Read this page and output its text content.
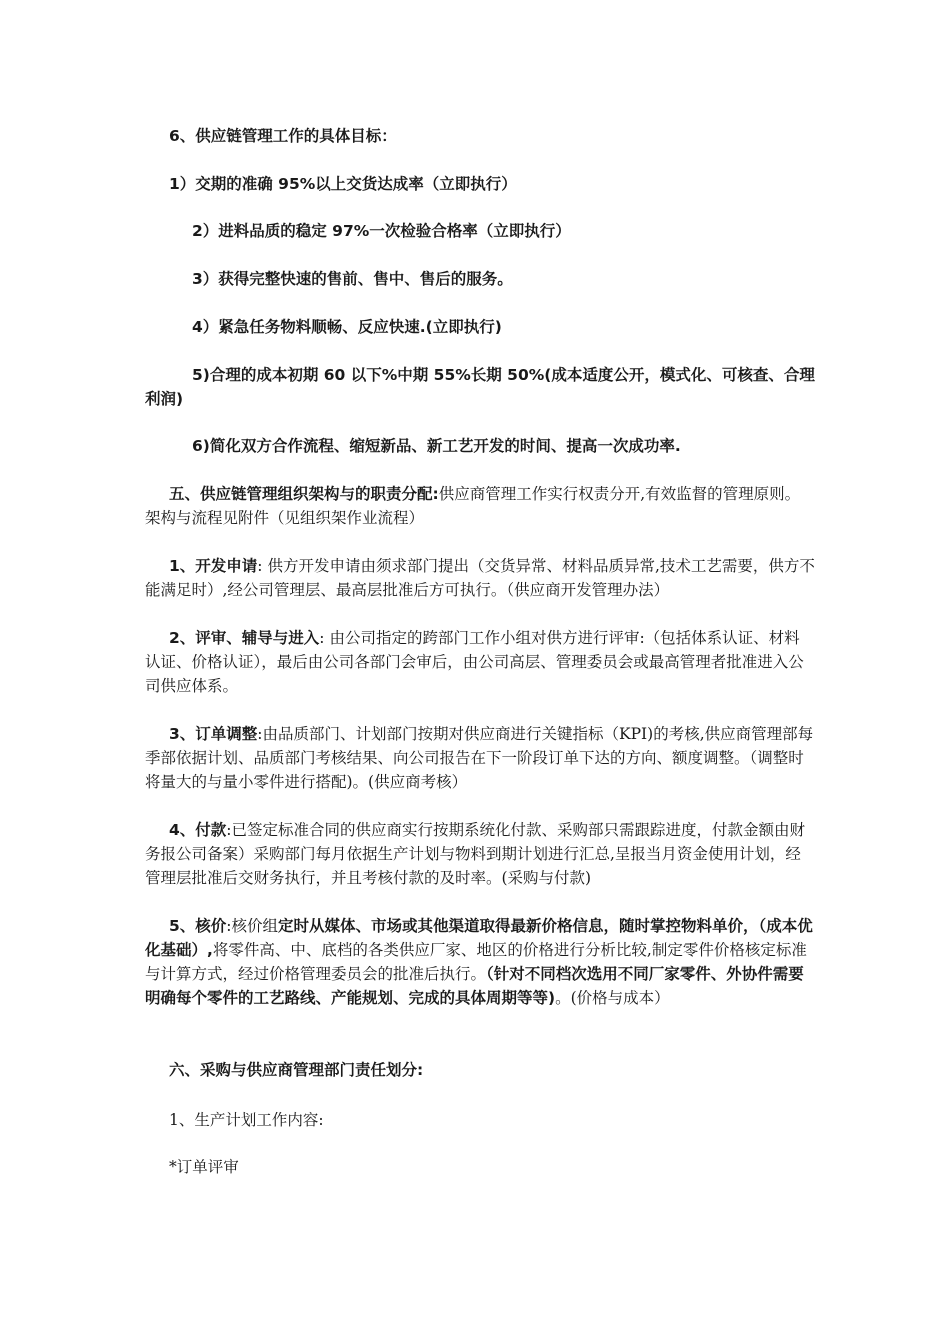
6、供应链管理工作的具体目标：

1）交期的准确 95%以上交货达成率（立即执行）

2）进料品质的稳定 97%一次检验合格率（立即执行）

3）获得完整快速的售前、售中、售后的服务。

4）紧急任务物料顺畅、反应快速.(立即执行)

5)合理的成本初期 60 以下%中期 55%长期 50%(成本适度公开，模式化、可核查、合理利润)

6)简化双方合作流程、缩短新品、新工艺开发的时间、提高一次成功率.

五、供应链管理组织架构与的职责分配:供应商管理工作实行权责分开,有效监督的管理原则。架构与流程见附件（见组织架作业流程）

1、开发申请: 供方开发申请由须求部门提出（交货异常、材料品质异常,技术工艺需要，供方不能满足时）,经公司管理层、最高层批准后方可执行。（供应商开发管理办法）

2、评审、辅导与进入: 由公司指定的跨部门工作小组对供方进行评审:（包括体系认证、材料认证、价格认证），最后由公司各部门会审后，由公司高层、管理委员会或最高管理者批准进入公司供应体系。

3、订单调整:由品质部门、计划部门按期对供应商进行关键指标（KPI)的考核,供应商管理部每季部依据计划、品质部门考核结果、向公司报告在下一阶段订单下达的方向、额度调整。（调整时将量大的与量小零件进行搭配)。(供应商考核）

4、付款:已签定标准合同的供应商实行按期系统化付款、采购部只需跟踪进度，付款金额由财务报公司备案）采购部门每月依据生产计划与物料到期计划进行汇总,呈报当月资金使用计划，经管理层批准后交财务执行，并且考核付款的及时率。(采购与付款)

5、核价:核价组定时从媒体、市场或其他渠道取得最新价格信息，随时掌控物料单价，（成本优化基础）,将零件高、中、底档的各类供应厂家、地区的价格进行分析比较,制定零件价格核定标准与计算方式，经过价格管理委员会的批准后执行。（针对不同档次选用不同厂家零件、外协件需要明确每个零件的工艺路线、产能规划、完成的具体周期等等)。(价格与成本）

六、采购与供应商管理部门责任划分:

1、生产计划工作内容:

*订单评审
